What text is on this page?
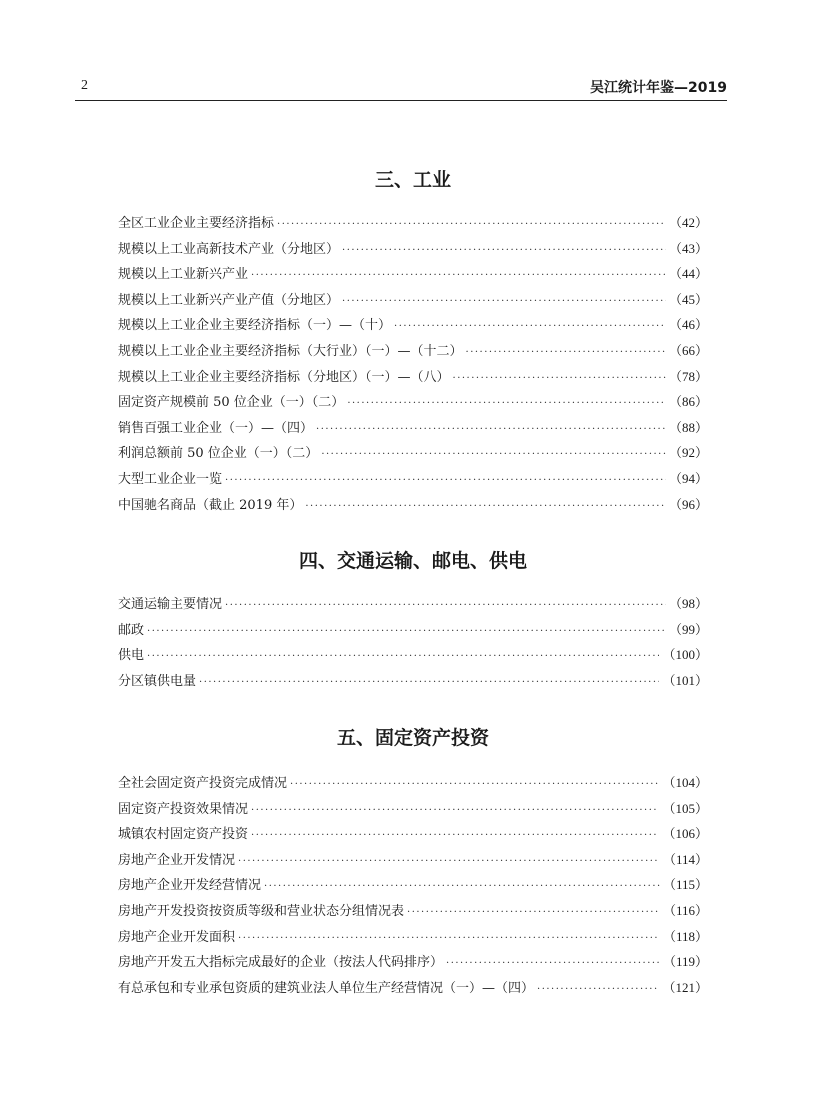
2	吴江统计年鉴—2019
三、工业
全区工业企业主要经济指标 ·····	（42）
规模以上工业高新技术产业（分地区） ·····	（43）
规模以上工业新兴产业 ·····	（44）
规模以上工业新兴产业产值（分地区） ·····	（45）
规模以上工业企业主要经济指标（一）—（十） ·····	（46）
规模以上工业企业主要经济指标（大行业）（一）—（十二） ·····	（66）
规模以上工业企业主要经济指标（分地区）（一）—（八） ·····	（78）
固定资产规模前 50 位企业（一）（二） ·····	（86）
销售百强工业企业（一）—（四） ·····	（88）
利润总额前 50 位企业（一）（二） ·····	（92）
大型工业企业一览 ·····	（94）
中国驰名商品（截止 2019 年） ·····	（96）
四、交通运输、邮电、供电
交通运输主要情况 ·····	（98）
邮政 ·····	（99）
供电 ·····	（100）
分区镇供电量 ·····	（101）
五、固定资产投资
全社会固定资产投资完成情况 ·····	（104）
固定资产投资效果情况 ·····	（105）
城镇农村固定资产投资 ·····	（106）
房地产企业开发情况 ·····	（114）
房地产企业开发经营情况 ·····	（115）
房地产开发投资按资质等级和营业状态分组情况表 ·····	（116）
房地产企业开发面积 ·····	（118）
房地产开发五大指标完成最好的企业（按法人代码排序） ·····	（119）
有总承包和专业承包资质的建筑业法人单位生产经营情况（一）—（四） ·····	（121）
